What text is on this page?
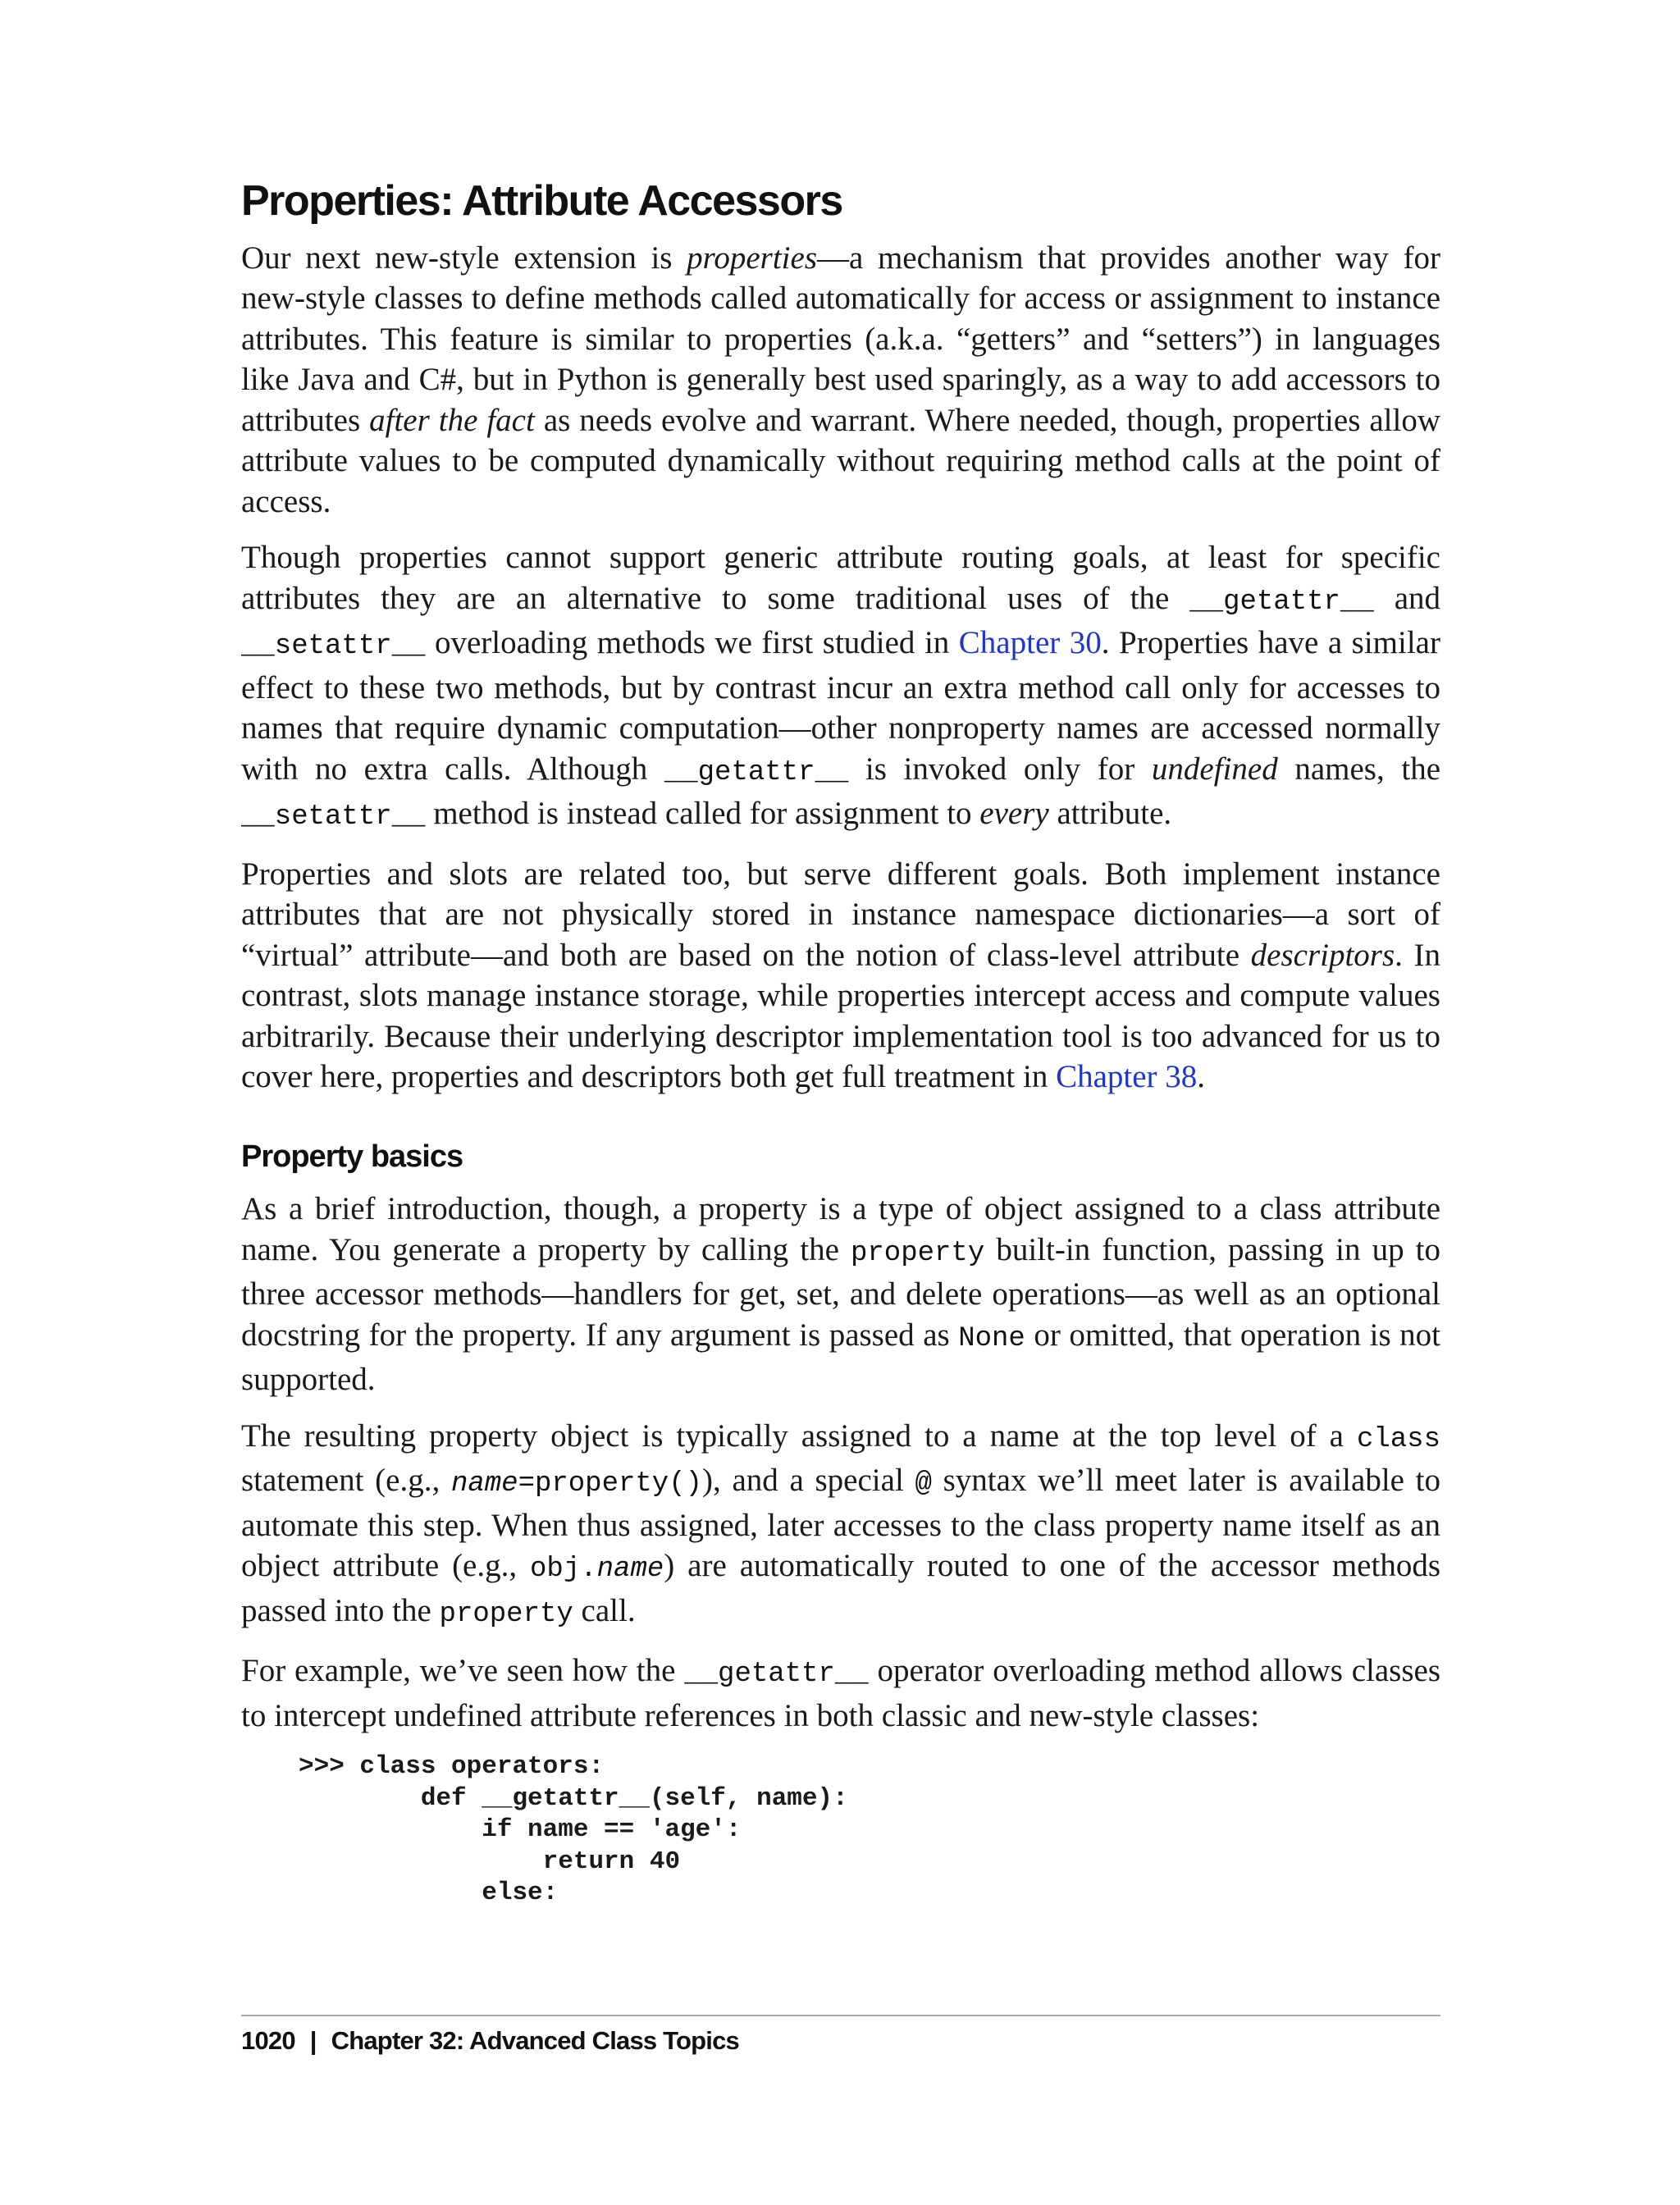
Properties: Attribute Accessors

Our next new-style extension is properties—a mechanism that provides another way for new-style classes to define methods called automatically for access or assignment to instance attributes. This feature is similar to properties (a.k.a. “getters” and “setters”) in languages like Java and C#, but in Python is generally best used sparingly, as a way to add accessors to attributes after the fact as needs evolve and warrant. Where needed, though, properties allow attribute values to be computed dynamically without requiring method calls at the point of access.

Though properties cannot support generic attribute routing goals, at least for specific attributes they are an alternative to some traditional uses of the __getattr__ and __setattr__ overloading methods we first studied in Chapter 30. Properties have a similar effect to these two methods, but by contrast incur an extra method call only for accesses to names that require dynamic computation—other nonproperty names are accessed normally with no extra calls. Although __getattr__ is invoked only for undefined names, the __setattr__ method is instead called for assignment to every attribute.

Properties and slots are related too, but serve different goals. Both implement instance attributes that are not physically stored in instance namespace dictionaries—a sort of “virtual” attribute—and both are based on the notion of class-level attribute descriptors. In contrast, slots manage instance storage, while properties intercept access and compute values arbitrarily. Because their underlying descriptor implementation tool is too advanced for us to cover here, properties and descriptors both get full treatment in Chapter 38.

Property basics

As a brief introduction, though, a property is a type of object assigned to a class attribute name. You generate a property by calling the property built-in function, passing in up to three accessor methods—handlers for get, set, and delete operations—as well as an optional docstring for the property. If any argument is passed as None or omitted, that operation is not supported.

The resulting property object is typically assigned to a name at the top level of a class statement (e.g., name=property()), and a special @ syntax we’ll meet later is available to automate this step. When thus assigned, later accesses to the class property name itself as an object attribute (e.g., obj.name) are automatically routed to one of the accessor methods passed into the property call.

For example, we’ve seen how the __getattr__ operator overloading method allows classes to intercept undefined attribute references in both classic and new-style classes:

>>> class operators:
def __getattr__(self, name):
if name == 'age':
return 40
else:
1020 | Chapter 32: Advanced Class Topics
